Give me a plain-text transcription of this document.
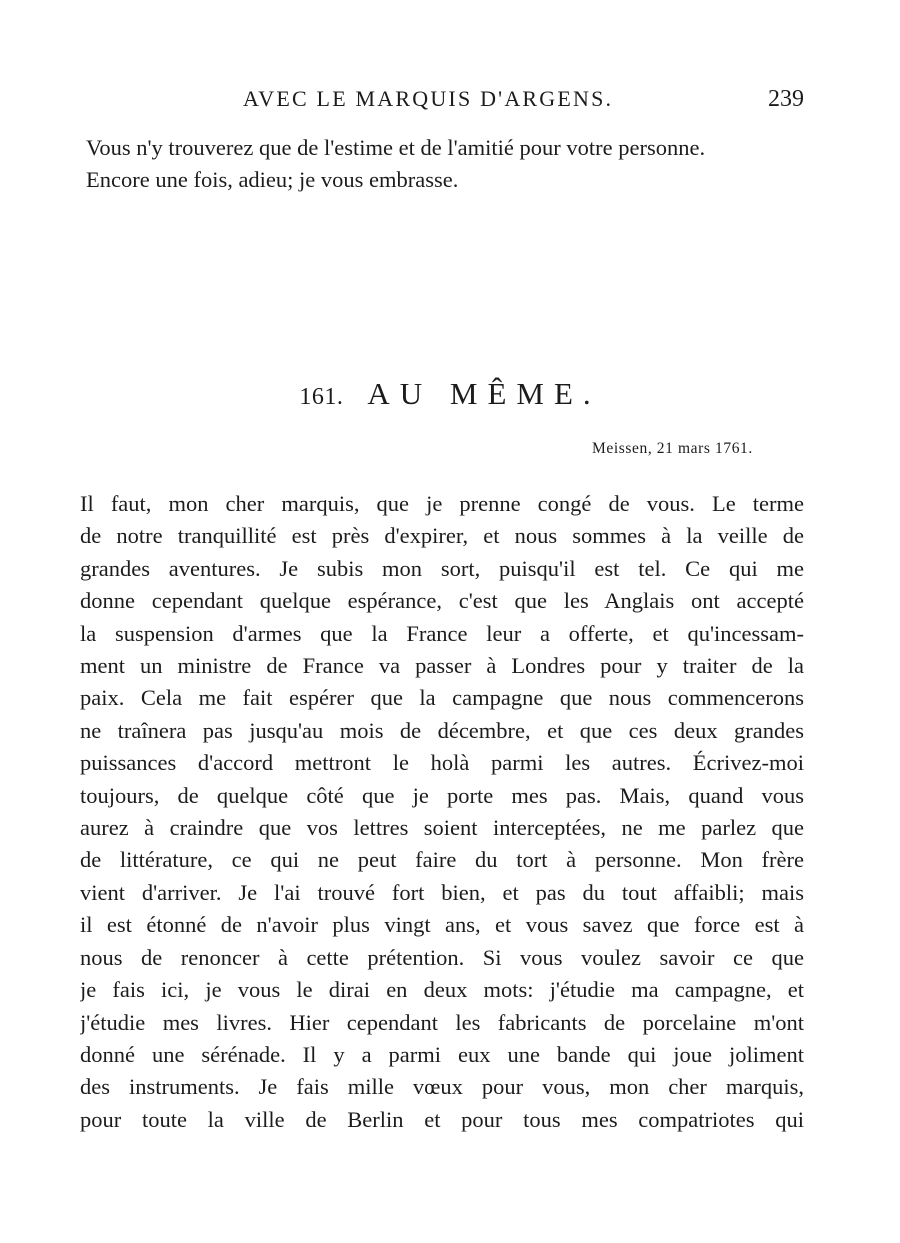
AVEC LE MARQUIS D'ARGENS.	239
Vous n'y trouverez que de l'estime et de l'amitié pour votre personne.
Encore une fois, adieu; je vous embrasse.
161. AU MÊME.
Meissen, 21 mars 1761.
Il faut, mon cher marquis, que je prenne congé de vous. Le terme
de notre tranquillité est près d'expirer, et nous sommes à la veille de
grandes aventures. Je subis mon sort, puisqu'il est tel. Ce qui me
donne cependant quelque espérance, c'est que les Anglais ont accepté
la suspension d'armes que la France leur a offerte, et qu'incessam-
ment un ministre de France va passer à Londres pour y traiter de la
paix. Cela me fait espérer que la campagne que nous commencerons
ne traînera pas jusqu'au mois de décembre, et que ces deux grandes
puissances d'accord mettront le holà parmi les autres. Écrivez-moi
toujours, de quelque côté que je porte mes pas. Mais, quand vous
aurez à craindre que vos lettres soient interceptées, ne me parlez que
de littérature, ce qui ne peut faire du tort à personne. Mon frère
vient d'arriver. Je l'ai trouvé fort bien, et pas du tout affaibli; mais
il est étonné de n'avoir plus vingt ans, et vous savez que force est à
nous de renoncer à cette prétention. Si vous voulez savoir ce que
je fais ici, je vous le dirai en deux mots: j'étudie ma campagne, et
j'étudie mes livres. Hier cependant les fabricants de porcelaine m'ont
donné une sérénade. Il y a parmi eux une bande qui joue joliment
des instruments. Je fais mille vœux pour vous, mon cher marquis,
pour toute la ville de Berlin et pour tous mes compatriotes qui
